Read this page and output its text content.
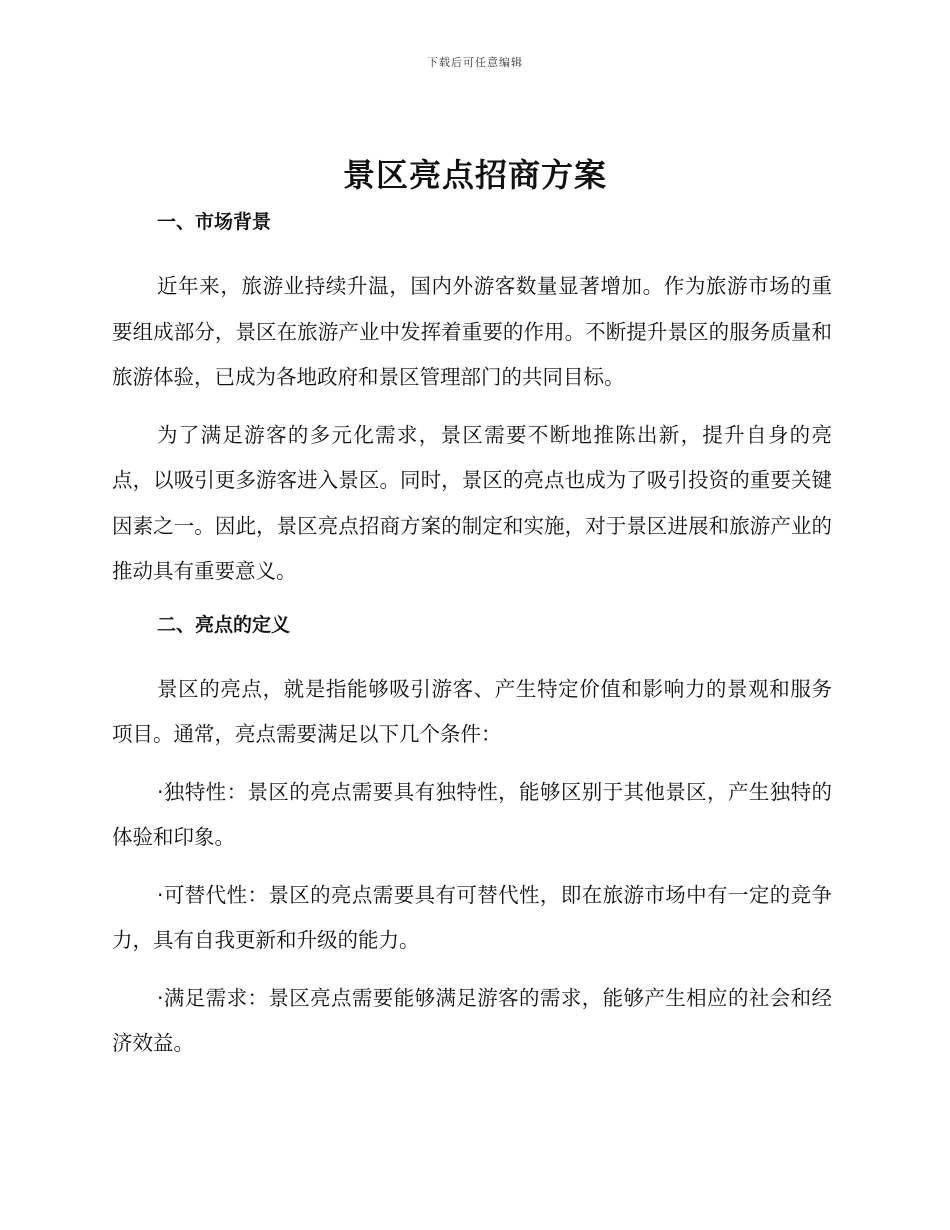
下载后可任意编辑
景区亮点招商方案
一、市场背景

近年来，旅游业持续升温，国内外游客数量显著增加。作为旅游市场的重要组成部分，景区在旅游产业中发挥着重要的作用。不断提升景区的服务质量和旅游体验，已成为各地政府和景区管理部门的共同目标。

为了满足游客的多元化需求，景区需要不断地推陈出新，提升自身的亮点，以吸引更多游客进入景区。同时，景区的亮点也成为了吸引投资的重要关键因素之一。因此，景区亮点招商方案的制定和实施，对于景区进展和旅游产业的推动具有重要意义。

二、亮点的定义

景区的亮点，就是指能够吸引游客、产生特定价值和影响力的景观和服务项目。通常，亮点需要满足以下几个条件：

·独特性：景区的亮点需要具有独特性，能够区别于其他景区，产生独特的体验和印象。

·可替代性：景区的亮点需要具有可替代性，即在旅游市场中有一定的竞争力，具有自我更新和升级的能力。

·满足需求：景区亮点需要能够满足游客的需求，能够产生相应的社会和经济效益。
